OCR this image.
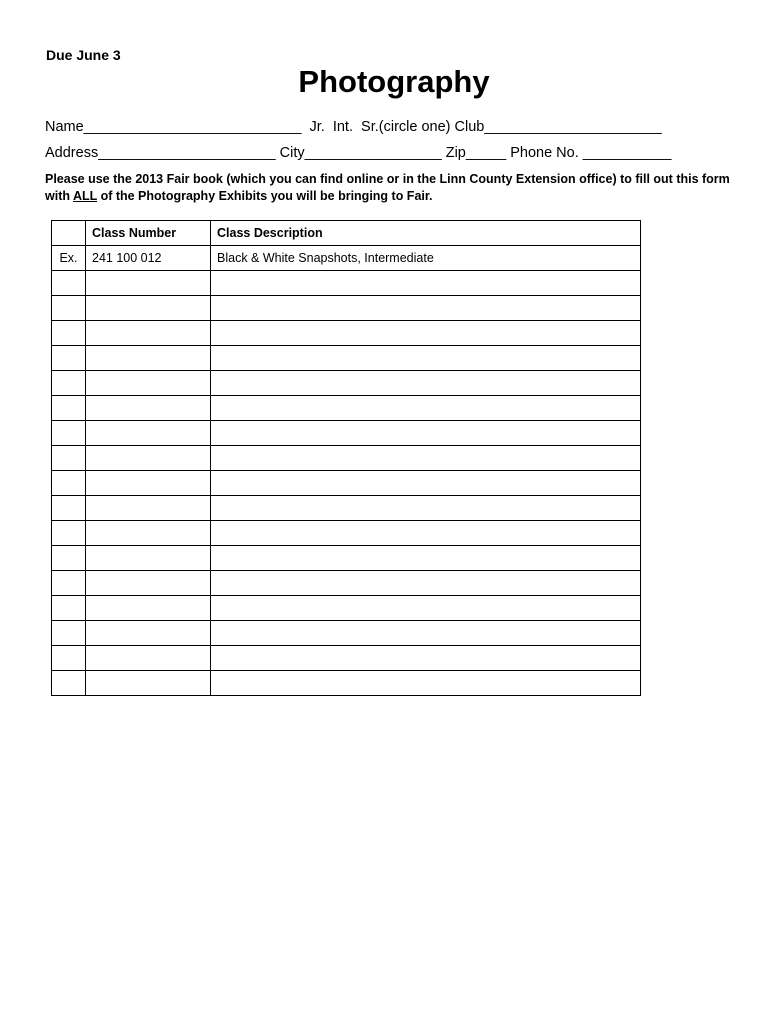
Due June 3
Photography
Name___________________________  Jr.  Int.  Sr.(circle one) Club______________________
Address______________________ City_________________ Zip_____ Phone No. ___________
Please use the 2013 Fair book (which you can find online or in the Linn County Extension office) to fill out this form with ALL of the Photography Exhibits you will be bringing to Fair.
	Class Number	Class Description
Ex.	241 100 012	Black & White Snapshots, Intermediate
